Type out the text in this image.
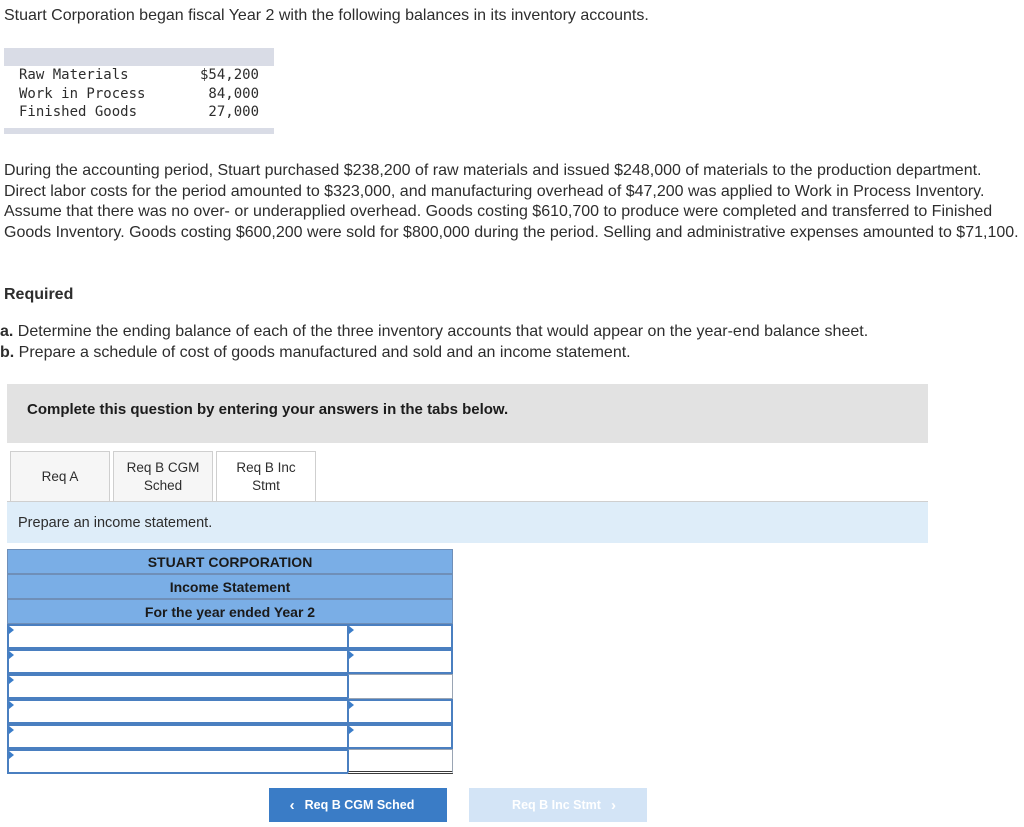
Stuart Corporation began fiscal Year 2 with the following balances in its inventory accounts.

Raw Materials	$54,200
Work in Process	84,000
Finished Goods	27,000

During the accounting period, Stuart purchased $238,200 of raw materials and issued $248,000 of materials to the production department. Direct labor costs for the period amounted to $323,000, and manufacturing overhead of $47,200 was applied to Work in Process Inventory. Assume that there was no over- or underapplied overhead. Goods costing $610,700 to produce were completed and transferred to Finished Goods Inventory. Goods costing $600,200 were sold for $800,000 during the period. Selling and administrative expenses amounted to $71,100.

Required

a. Determine the ending balance of each of the three inventory accounts that would appear on the year-end balance sheet.
b. Prepare a schedule of cost of goods manufactured and sold and an income statement.
Complete this question by entering your answers in the tabs below.
Req A
Req B CGM
Sched
Req B Inc
Stmt
Prepare an income statement.
STUART CORPORATION
Income Statement
For the year ended Year 2
‹ Req B CGM Sched	Req B Inc Stmt ›
